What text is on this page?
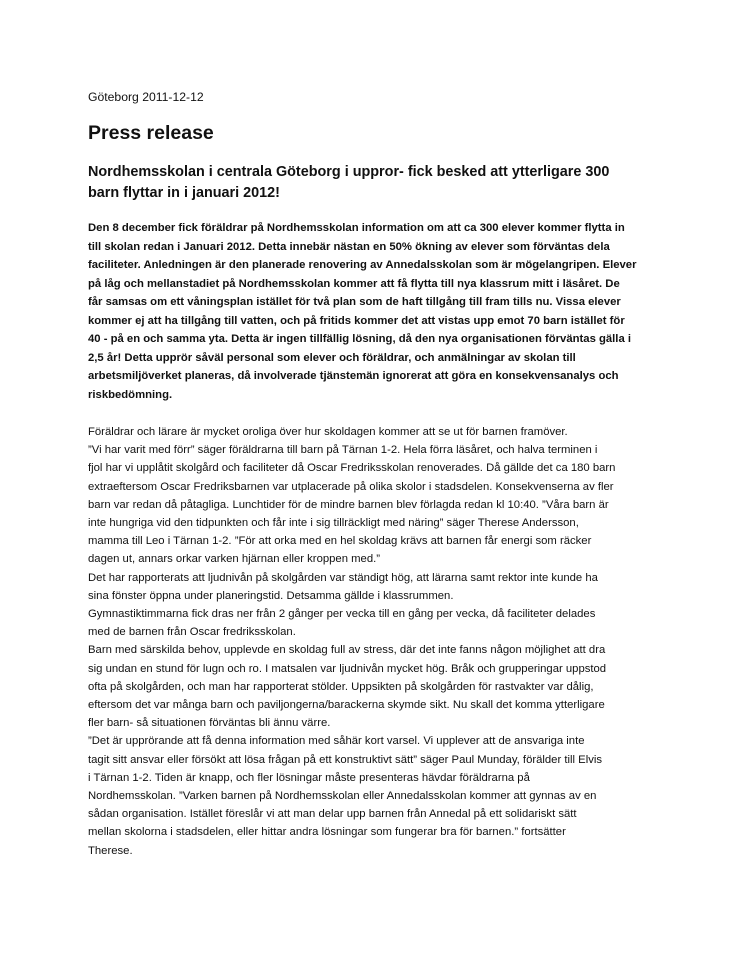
Göteborg 2011-12-12
Press release
Nordhemsskolan i centrala Göteborg i uppror- fick besked att ytterligare 300
barn flyttar in i januari 2012!
Den 8 december fick föräldrar på Nordhemsskolan information om att ca 300 elever kommer flytta in
till skolan redan i Januari 2012. Detta innebär nästan en 50% ökning av elever som förväntas dela
faciliteter. Anledningen är den planerade renovering av Annedalsskolan som är mögelangripen. Elever
på låg och mellanstadiet på Nordhemsskolan kommer att få flytta till nya klassrum mitt i läsåret. De
får samsas om ett våningsplan istället för två plan som de haft tillgång till fram tills nu. Vissa elever
kommer ej att ha tillgång till vatten, och på fritids kommer det att vistas upp emot 70 barn istället för
40 - på en och samma yta. Detta är ingen tillfällig lösning, då den nya organisationen förväntas gälla i
2,5 år! Detta upprör såväl personal som elever och föräldrar, och anmälningar av skolan till
arbetsmiljöverket planeras, då involverade tjänstemän ignorerat att göra en konsekvensanalys och
riskbedömning.
Föräldrar och lärare är mycket oroliga över hur skoldagen kommer att se ut för barnen framöver.
”Vi har varit med förr” säger föräldrarna till barn på Tärnan 1-2. Hela förra läsåret, och halva terminen i
fjol har vi upplåtit skolgård och faciliteter då Oscar Fredriksskolan renoverades. Då gällde det ca 180 barn
extraeftersom Oscar Fredriksbarnen var utplacerade på olika skolor i stadsdelen. Konsekvenserna av fler
barn var redan då påtagliga. Lunchtider för de mindre barnen blev förlagda redan kl 10:40. ”Våra barn är
inte hungriga vid den tidpunkten och får inte i sig tillräckligt med näring” säger Therese Andersson,
mamma till Leo i Tärnan 1-2. ”För att orka med en hel skoldag krävs att barnen får energi som räcker
dagen ut, annars orkar varken hjärnan eller kroppen med.”
Det har rapporterats att ljudnivån på skolgården var ständigt hög, att lärarna samt rektor inte kunde ha
sina fönster öppna under planeringstid. Detsamma gällde i klassrummen.
Gymnastiktimmarna fick dras ner från 2 gånger per vecka till en gång per vecka, då faciliteter delades
med de barnen från Oscar fredriksskolan.
Barn med särskilda behov, upplevde en skoldag full av stress, där det inte fanns någon möjlighet att dra
sig undan en stund för lugn och ro. I matsalen var ljudnivån mycket hög. Bråk och grupperingar uppstod
ofta på skolgården, och man har rapporterat stölder. Uppsikten på skolgården för rastvakter var dålig,
eftersom det var många barn och paviljongerna/barackerna skymde sikt. Nu skall det komma ytterligare
fler barn- så situationen förväntas bli ännu värre.
”Det är upprörande att få denna information med såhär kort varsel. Vi upplever att de ansvariga inte
tagit sitt ansvar eller försökt att lösa frågan på ett konstruktivt sätt” säger Paul Munday, förälder till Elvis
i Tärnan 1-2. Tiden är knapp, och fler lösningar måste presenteras hävdar föräldrarna på
Nordhemsskolan. ”Varken barnen på Nordhemsskolan eller Annedalsskolan kommer att gynnas av en
sådan organisation. Istället föreslår vi att man delar upp barnen från Annedal på ett solidariskt sätt
mellan skolorna i stadsdelen, eller hittar andra lösningar som fungerar bra för barnen.” fortsätter
Therese.
